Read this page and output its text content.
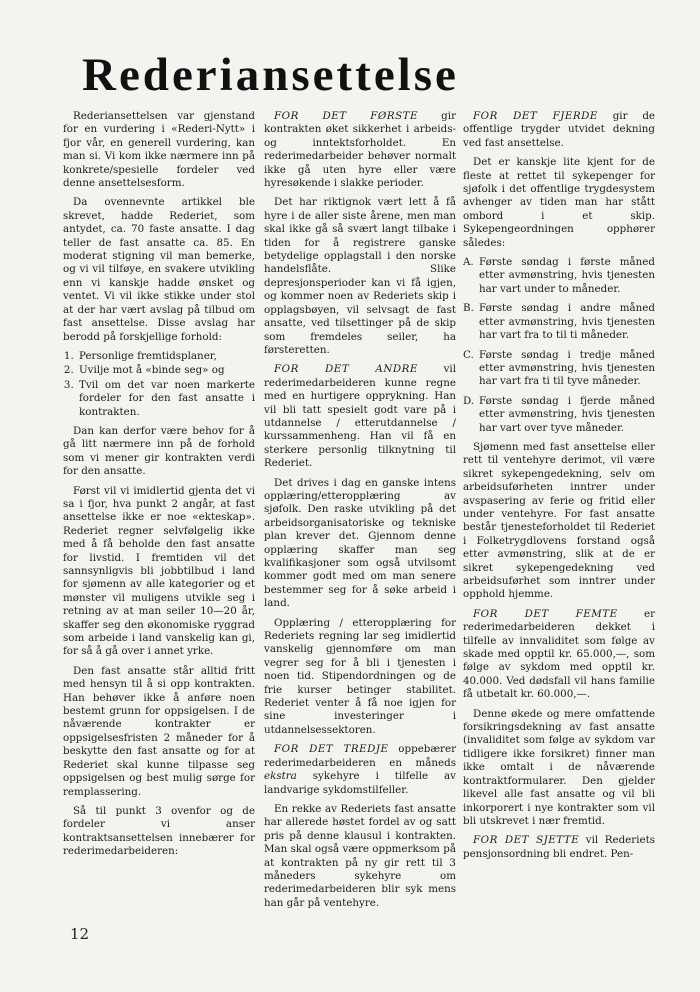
Rederiansettelse

Rederiansettelsen var gjenstand for en vurdering i «Rederi-Nytt» i fjor vår, en generell vurdering, kan man si. Vi kom ikke nærmere inn på konkrete/spesielle fordeler ved denne ansettelsesform.

Da ovennevnte artikkel ble skrevet, hadde Rederiet, som antydet, ca. 70 faste ansatte. I dag teller de fast ansatte ca. 85. En moderat stigning vil man bemerke, og vi vil tilføye, en svakere utvikling enn vi kanskje hadde ønsket og ventet. Vi vil ikke stikke under stol at der har vært avslag på tilbud om fast ansettelse. Disse avslag har berodd på forskjellige forhold:

1. Personlige fremtidsplaner,
2. Uvilje mot å «binde seg» og
3. Tvil om det var noen markerte fordeler for den fast ansatte i kontrakten.

Dan kan derfor være behov for å gå litt nærmere inn på de forhold som vi mener gir kontrakten verdi for den ansatte.

Først vil vi imidlertid gjenta det vi sa i fjor, hva punkt 2 angår, at fast ansettelse ikke er noe «ekteskap». Rederiet regner selvfølgelig ikke med å få beholde den fast ansatte for livstid. I fremtiden vil det sannsynligvis bli jobbtilbud i land for sjømenn av alle kategorier og et mønster vil muligens utvikle seg i retning av at man seiler 10—20 år, skaffer seg den økonomiske ryggrad som arbeide i land vanskelig kan gi, for så å gå over i annet yrke.

Den fast ansatte står alltid fritt med hensyn til å si opp kontrakten. Han behøver ikke å anføre noen bestemt grunn for oppsigelsen. I de nåværende kontrakter er oppsigelsesfristen 2 måneder for å beskytte den fast ansatte og for at Rederiet skal kunne tilpasse seg oppsigelsen og best mulig sørge for remplassering.

Så til punkt 3 ovenfor og de fordeler vi anser kontraktsansettelsen innebærer for rederimedarbeideren:

FOR DET FØRSTE gir kontrakten øket sikkerhet i arbeids- og inntektsforholdet. En rederimedarbeider behøver normalt ikke gå uten hyre eller være hyresøkende i slakke perioder.

Det har riktignok vært lett å få hyre i de aller siste årene, men man skal ikke gå så svært langt tilbake i tiden for å registrere ganske betydelige opplagstall i den norske handelsflåte. Slike depresjonsperioder kan vi få igjen, og kommer noen av Rederiets skip i opplagsbøyen, vil selvsagt de fast ansatte, ved tilsettinger på de skip som fremdeles seiler, ha førsteretten.

FOR DET ANDRE vil rederimedarbeideren kunne regne med en hurtigere opprykning. Han vil bli tatt spesielt godt vare på i utdannelse / etterutdannelse / kurssammenheng. Han vil få en sterkere personlig tilknytning til Rederiet.

Det drives i dag en ganske intens opplæring/etteropplæring av sjøfolk. Den raske utvikling på det arbeidsorganisatoriske og tekniske plan krever det. Gjennom denne opplæring skaffer man seg kvalifikasjoner som også utvilsomt kommer godt med om man senere bestemmer seg for å søke arbeid i land.

Opplæring / etteropplæring for Rederiets regning lar seg imidlertid vanskelig gjennomføre om man vegrer seg for å bli i tjenesten i noen tid. Stipendordningen og de frie kurser betinger stabilitet. Rederiet venter å få noe igjen for sine investeringer i utdannelsessektoren.

FOR DET TREDJE oppebærer rederimedarbeideren en måneds ekstra sykehyre i tilfelle av landvarige sykdomstilfeller.

En rekke av Rederiets fast ansatte har allerede høstet fordel av og satt pris på denne klausul i kontrakten. Man skal også være oppmerksom på at kontrakten på ny gir rett til 3 måneders sykehyre om rederimedarbeideren blir syk mens han går på ventehyre.

FOR DET FJERDE gir de offentlige trygder utvidet dekning ved fast ansettelse.

Det er kanskje lite kjent for de fleste at rettet til sykepenger for sjøfolk i det offentlige trygdesystem avhenger av tiden man har stått ombord i et skip. Sykepengeordningen opphører således:

A. Første søndag i første måned etter avmønstring, hvis tjenesten har vart under to måneder.
B. Første søndag i andre måned etter avmønstring, hvis tjenesten har vart fra to til ti måneder.
C. Første søndag i tredje måned etter avmønstring, hvis tjenesten har vart fra ti til tyve måneder.
D. Første søndag i fjerde måned etter avmønstring, hvis tjenesten har vart over tyve måneder.

Sjømenn med fast ansettelse eller rett til ventehyre derimot, vil være sikret sykepengedekning, selv om arbeidsuførheten inntrer under avspasering av ferie og fritid eller under ventehyre. For fast ansatte består tjenesteforholdet til Rederiet i Folketrygdlovens forstand også etter avmønstring, slik at de er sikret sykepengedekning ved arbeidsuførhet som inntrer under opphold hjemme.

FOR DET FEMTE er rederimedarbeideren dekket i tilfelle av innvaliditet som følge av skade med opptil kr. 65.000,—, som følge av sykdom med opptil kr. 40.000. Ved dødsfall vil hans familie få utbetalt kr. 60.000,—.

Denne økede og mere omfattende forsikringsdekning av fast ansatte (invaliditet som følge av sykdom var tidligere ikke forsikret) finner man ikke omtalt i de nåværende kontraktformularer. Den gjelder likevel alle fast ansatte og vil bli inkorporert i nye kontrakter som vil bli utskrevet i nær fremtid.

FOR DET SJETTE vil Rederiets pensjonsordning bli endret. Pen-

12
